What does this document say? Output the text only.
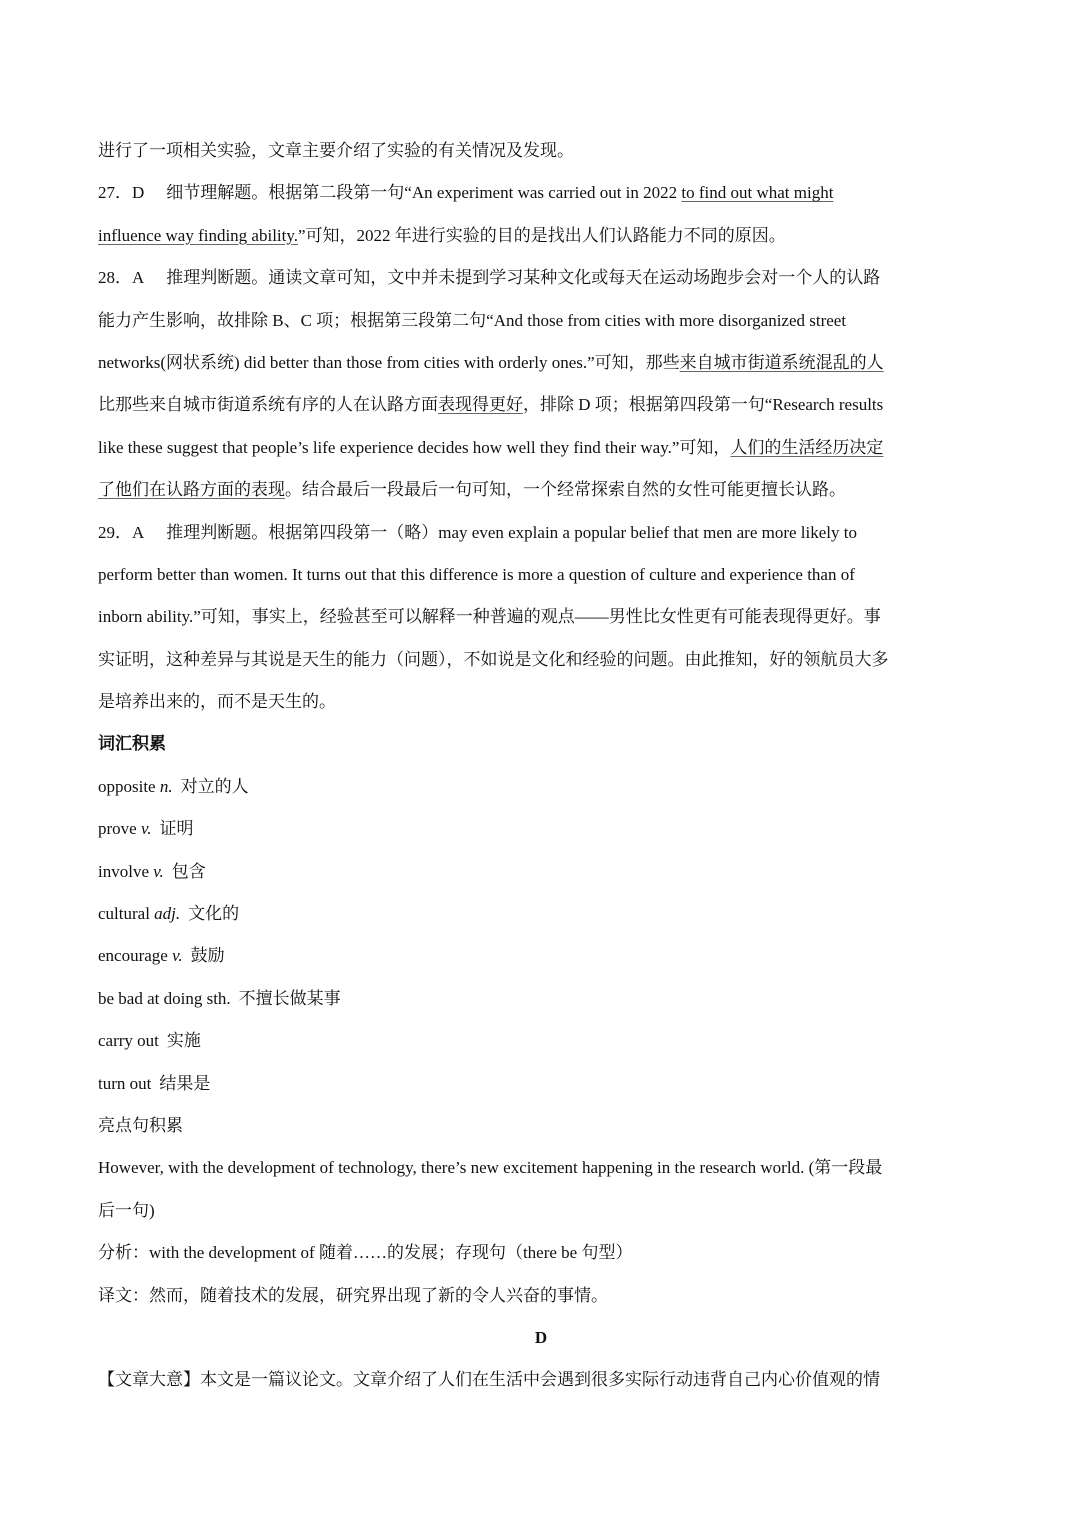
进行了一项相关实验，文章主要介绍了实验的有关情况及发现。
27．D 细节理解题。根据第二段第一句“An experiment was carried out in 2022 to find out what might
influence way finding ability.”可知，2022 年进行实验的目的是找出人们认路能力不同的原因。
28．A 推理判断题。通读文章可知，文中并未提到学习某种文化或每天在运动场跑步会对一个人的认路
能力产生影响，故排除 B、C 项；根据第三段第二句“And those from cities with more disorganized street
networks(网状系统) did better than those from cities with orderly ones.”可知，那些来自城市街道系统混乱的人
比那些来自城市街道系统有序的人在认路方面表现得更好，排除 D 项；根据第四段第一句“Research results
like these suggest that people’s life experience decides how well they find their way.”可知，人们的生活经历决定
了他们在认路方面的表现。结合最后一段最后一句可知，一个经常探索自然的女性可能更擅长认路。
29．A 推理判断题。根据第四段第一（略）may even explain a popular belief that men are more likely to
perform better than women. It turns out that this difference is more a question of culture and experience than of
inborn ability.”可知，事实上，经验甚至可以解释一种普遍的观点——男性比女性更有可能表现得更好。事
实证明，这种差异与其说是天生的能力（问题），不如说是文化和经验的问题。由此推知，好的领航员大多
是培养出来的，而不是天生的。
词汇积累
opposite n. 对立的人
prove v. 证明
involve v. 包含
cultural adj. 文化的
encourage v. 鼓励
be bad at doing sth. 不擅长做某事
carry out 实施
turn out 结果是
亮点句积累
However, with the development of technology, there’s new excitement happening in the research world. (第一段最
后一句)
分析：with the development of 随着……的发展；存现句（there be 句型）
译文：然而，随着技术的发展，研究界出现了新的令人兴奋的事情。
D
【文章大意】本文是一篇议论文。文章介绍了人们在生活中会遇到很多实际行动违背自己内心价值观的情
